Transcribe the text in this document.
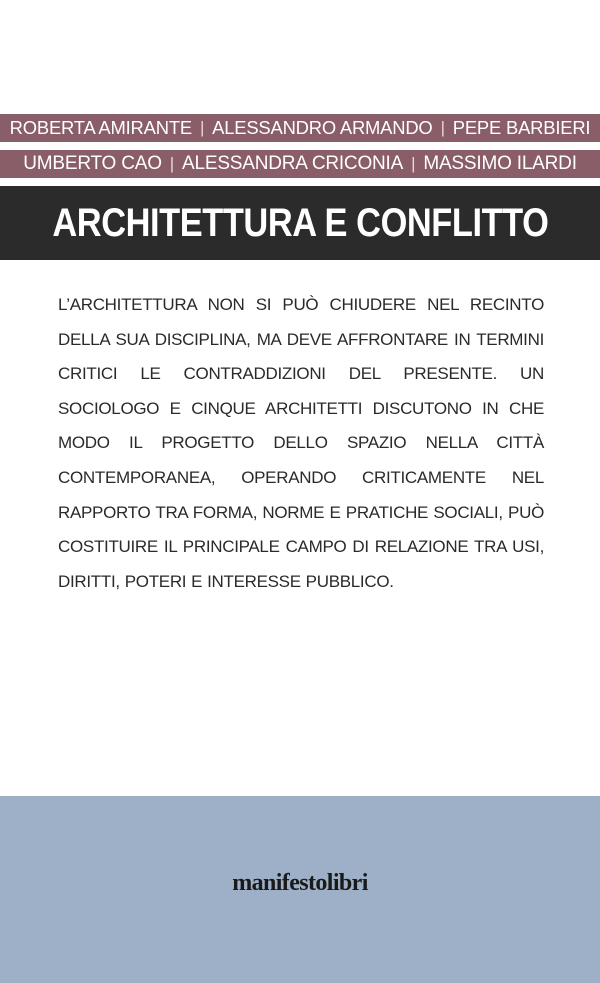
ROBERTA AMIRANTE | ALESSANDRO ARMANDO | PEPE BARBIERI
UMBERTO CAO | ALESSANDRA CRICONIA | MASSIMO ILARDI
ARCHITETTURA E CONFLITTO
L’ARCHITETTURA NON SI PUÒ CHIUDERE NEL RECINTO DELLA SUA DISCIPLINA, MA DEVE AFFRONTARE IN TERMINI CRITICI LE CONTRADDIZIONI DEL PRESENTE. UN SOCIOLOGO E CINQUE ARCHITETTI DISCUTONO IN CHE MODO IL PROGETTO DELLO SPAZIO NELLA CITTÀ CONTEMPORANEA, OPERANDO CRITICAMENTE NEL RAPPORTO TRA FORMA, NORME E PRATICHE SOCIALI, PUÒ COSTITUIRE IL PRINCIPALE CAMPO DI RELAZIONE TRA USI, DIRITTI, POTERI E INTERESSE PUBBLICO.
manifestolibri
